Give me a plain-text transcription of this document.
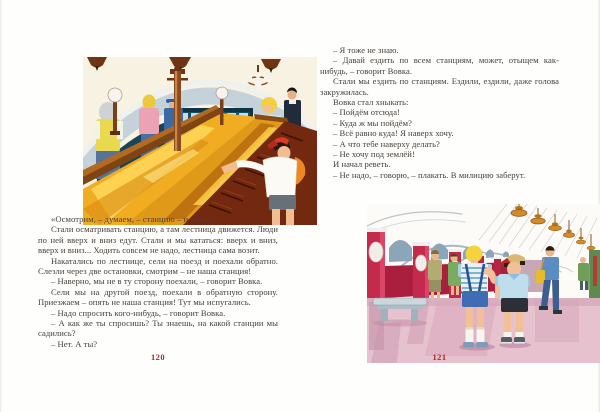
«Осмотрим, – думаем, – станцию – и назад».

Стали осматривать станцию, а там лестница движется. Люди по ней вверх и вниз едут. Стали и мы кататься: вверх и вниз, вверх и вниз... Ходить совсем не надо, лестница сама возит.

Накатались по лестнице, сели на поезд и поехали обратно. Слезли через две остановки, смотрим – не наша станция!

– Наверно, мы не в ту сторону поехали, – говорит Вовка.

Сели мы на другой поезд, поехали в обратную сторону. Приезжаем – опять не наша станция! Тут мы испугались.

– Надо спросить кого-нибудь, – говорит Вовка.

– А как же ты спросишь? Ты знаешь, на какой станции мы садились?

– Нет. А ты?

120

– Я тоже не знаю.

– Давай ездить по всем станциям, может, отыщем как-нибудь, – говорит Вовка.

Стали мы ездить по станциям. Ездили, ездили, даже голова закружилась.

Вовка стал хныкать:

– Пойдём отсюда!

– Куда ж мы пойдём?

– Всё равно куда! Я наверх хочу.

– А что тебе наверху делать?

– Не хочу под землёй!

И начал реветь.

– Не надо, – говорю, – плакать. В милицию заберут.

121
